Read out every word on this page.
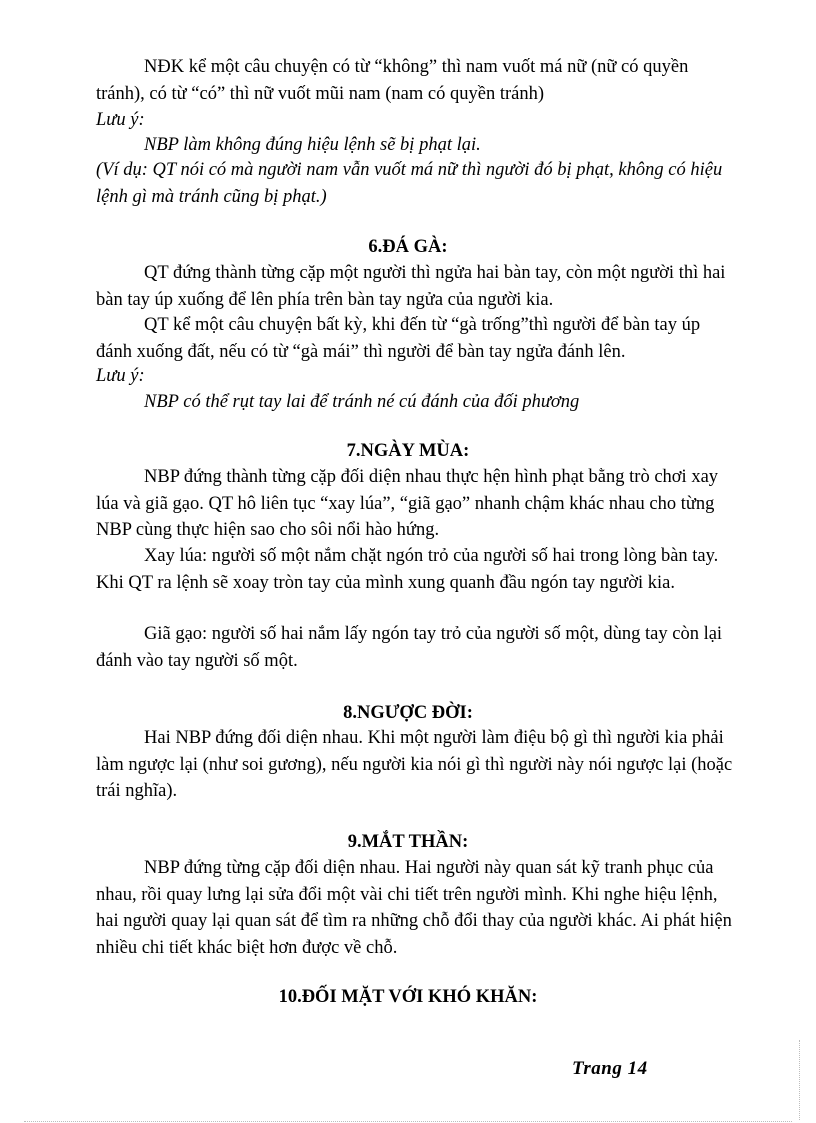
NĐK kể một câu chuyện có từ “không” thì nam vuốt má nữ (nữ có quyền tránh), có từ “có” thì nữ vuốt mũi nam (nam có quyền tránh)

Lưu ý:

NBP làm không đúng hiệu lệnh sẽ bị phạt lại.

(Ví dụ: QT nói có mà người nam vẫn vuốt má nữ thì người đó bị phạt, không có hiệu lệnh gì mà tránh cũng bị phạt.)

6.ĐÁ GÀ:

QT đứng thành từng cặp một người thì ngửa hai bàn tay, còn một người thì hai bàn tay úp xuống để lên phía trên bàn tay ngửa của người kia.

QT kể một câu chuyện bất kỳ, khi đến từ “gà trống”thì người để bàn tay úp đánh xuống đất, nếu có từ “gà mái” thì người để bàn tay ngửa đánh lên.

Lưu ý:

NBP có thể rụt tay lai để tránh né cú đánh của đối phương

7.NGÀY MÙA:

NBP đứng thành từng cặp đối diện nhau thực hện hình phạt bằng trò chơi xay lúa và giã gạo. QT hô liên tục “xay lúa”, “giã gạo” nhanh chậm khác nhau cho từng NBP cùng thực hiện sao cho sôi nổi hào hứng.

Xay lúa: người số một nắm chặt ngón trỏ của người số hai trong lòng bàn tay. Khi QT ra lệnh sẽ xoay tròn tay của mình xung quanh đầu ngón tay người kia.

Giã gạo: người số hai nắm lấy ngón tay trỏ của người số một, dùng tay còn lại đánh vào tay người số một.

8.NGƯỢC ĐỜI:

Hai NBP đứng đối diện nhau. Khi một người làm điệu bộ gì thì người kia phải làm ngược lại (như soi gương), nếu người kia nói gì thì người này nói ngược lại (hoặc trái nghĩa).

9.MẮT THẦN:

NBP đứng từng cặp đối diện nhau. Hai người này quan sát kỹ tranh phục của nhau, rồi quay lưng lại sửa đổi một vài chi tiết trên người mình. Khi nghe hiệu lệnh, hai người quay lại quan sát để tìm ra những chỗ đổi thay của người khác. Ai phát hiện nhiều chi tiết khác biệt hơn được về chỗ.

10.ĐỐI MẶT VỚI KHÓ KHĂN:
Trang 14
